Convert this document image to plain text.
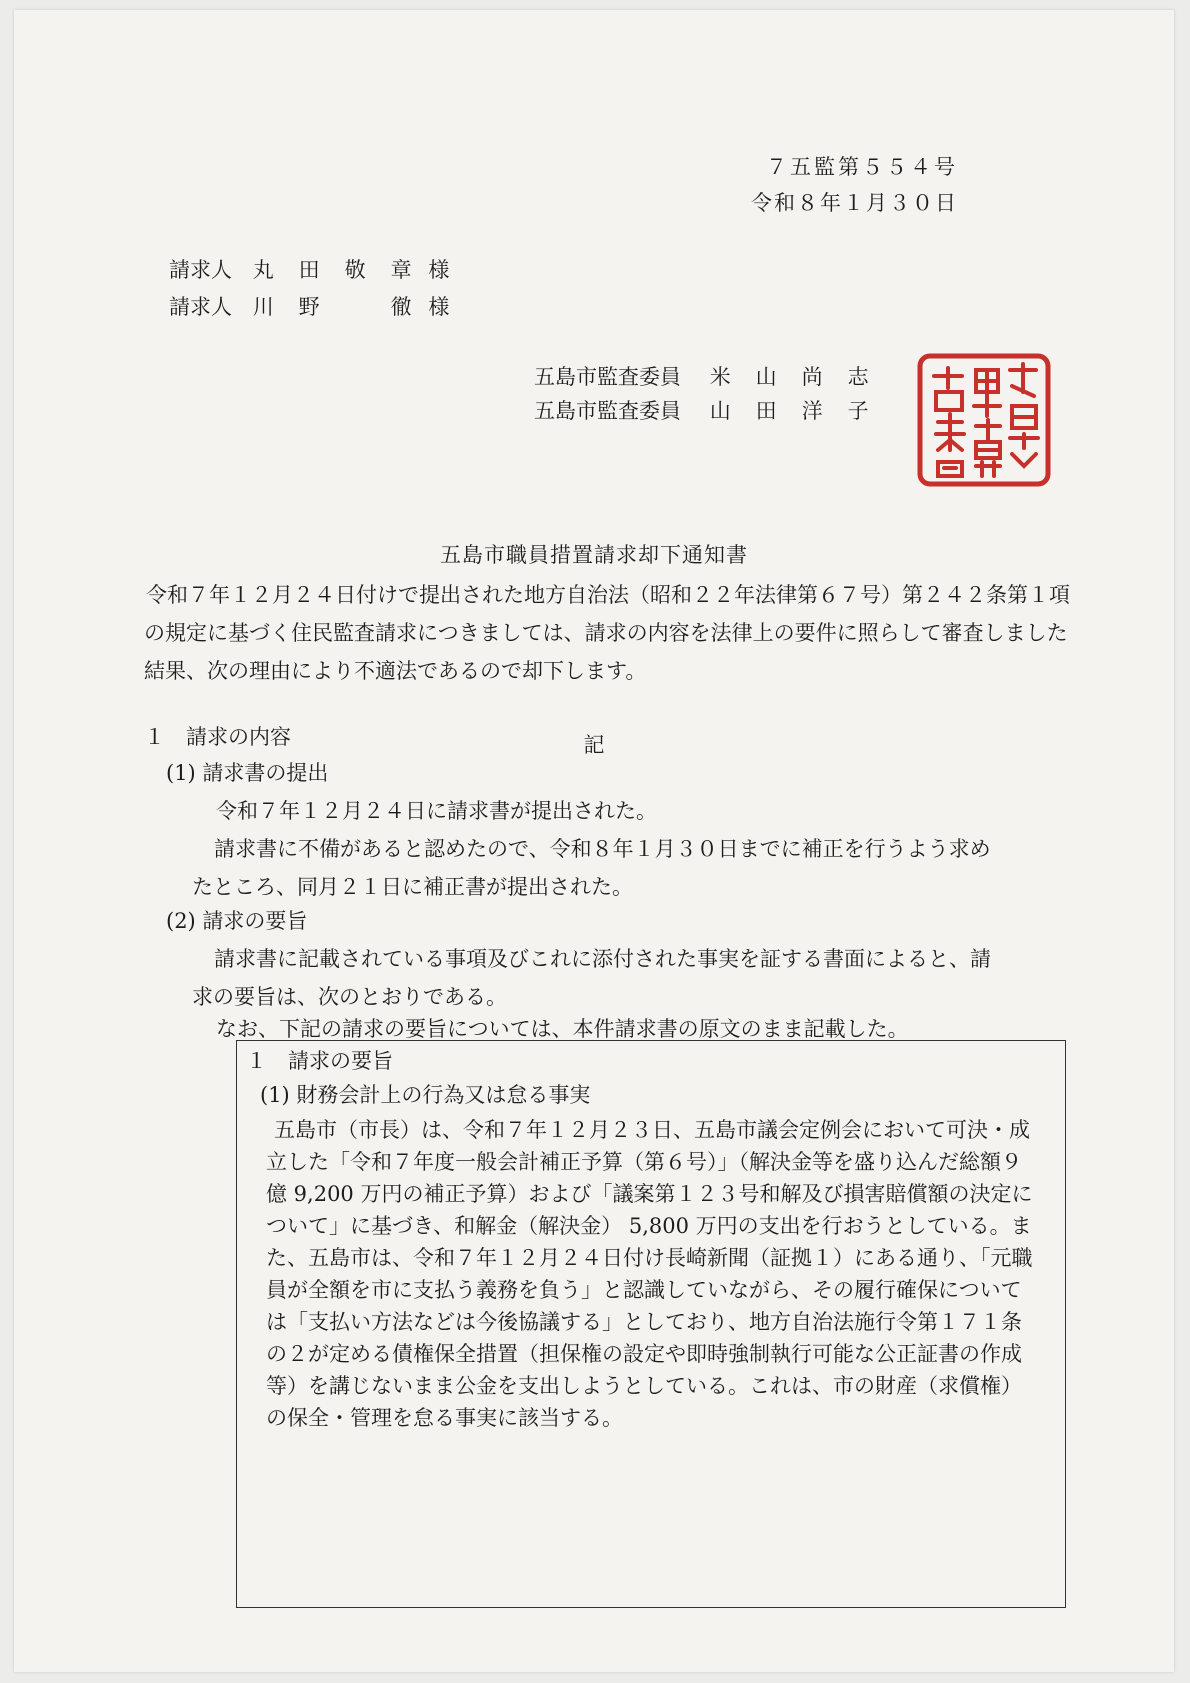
７五監第５５４号
令和８年１月３０日
請求人 丸　田　敬　章 様
請求人 川　野　　　徹 様
五島市監査委員 米　山　尚　志
五島市監査委員 山　田　洋　子
五島市職員措置請求却下通知書
令和７年１２月２４日付けで提出された地方自治法（昭和２２年法律第６７号）第２４２条第１項の規定に基づく住民監査請求につきましては、請求の内容を法律上の要件に照らして審査しました結果、次の理由により不適法であるので却下します。
記
１　請求の内容
(1) 請求書の提出
令和７年１２月２４日に請求書が提出された。
請求書に不備があると認めたので、令和８年１月３０日までに補正を行うよう求めたところ、同月２１日に補正書が提出された。
(2) 請求の要旨
請求書に記載されている事項及びこれに添付された事実を証する書面によると、請求の要旨は、次のとおりである。
なお、下記の請求の要旨については、本件請求書の原文のまま記載した。
１　請求の要旨
(1) 財務会計上の行為又は怠る事実
五島市（市長）は、令和７年１２月２３日、五島市議会定例会において可決・成立した「令和７年度一般会計補正予算（第６号）」（解決金等を盛り込んだ総額９億 9,200 万円の補正予算）および「議案第１２３号和解及び損害賠償額の決定について」に基づき、和解金（解決金） 5,800 万円の支出を行おうとしている。また、五島市は、令和７年１２月２４日付け長崎新聞（証拠１）にある通り、「元職員が全額を市に支払う義務を負う」と認識していながら、その履行確保については「支払い方法などは今後協議する」としており、地方自治法施行令第１７１条の２が定める債権保全措置（担保権の設定や即時強制執行可能な公正証書の作成等）を講じないまま公金を支出しようとしている。これは、市の財産（求償権）の保全・管理を怠る事実に該当する。
